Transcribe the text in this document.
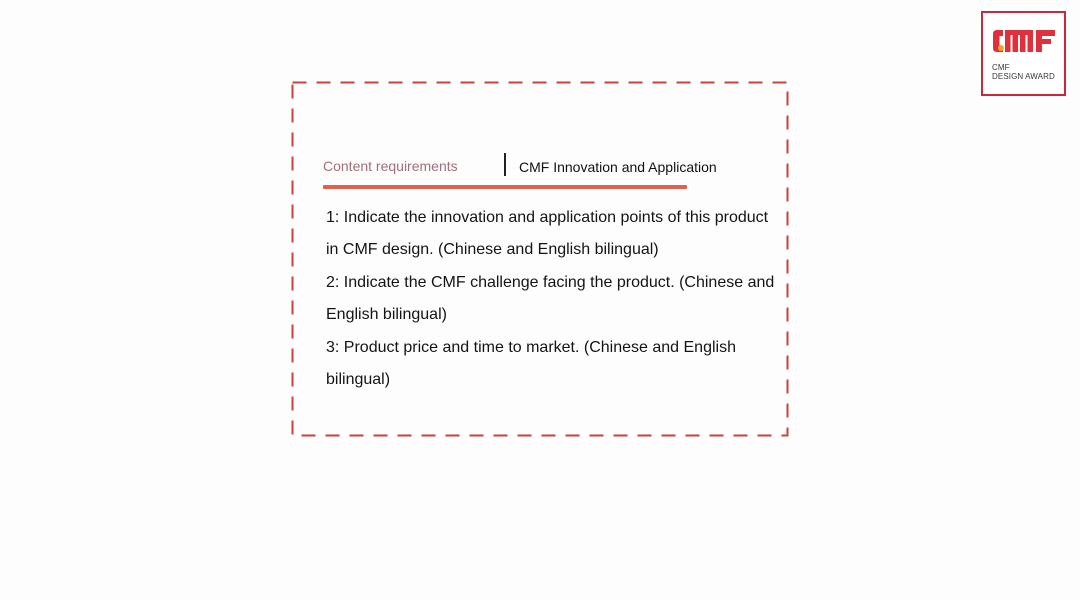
CMF
DESIGN AWARD
Content requirements	CMF Innovation and Application

1: Indicate the innovation and application points of this product in CMF design. (Chinese and English bilingual)

2: Indicate the CMF challenge facing the product. (Chinese and English bilingual)

3: Product price and time to market. (Chinese and English bilingual)
